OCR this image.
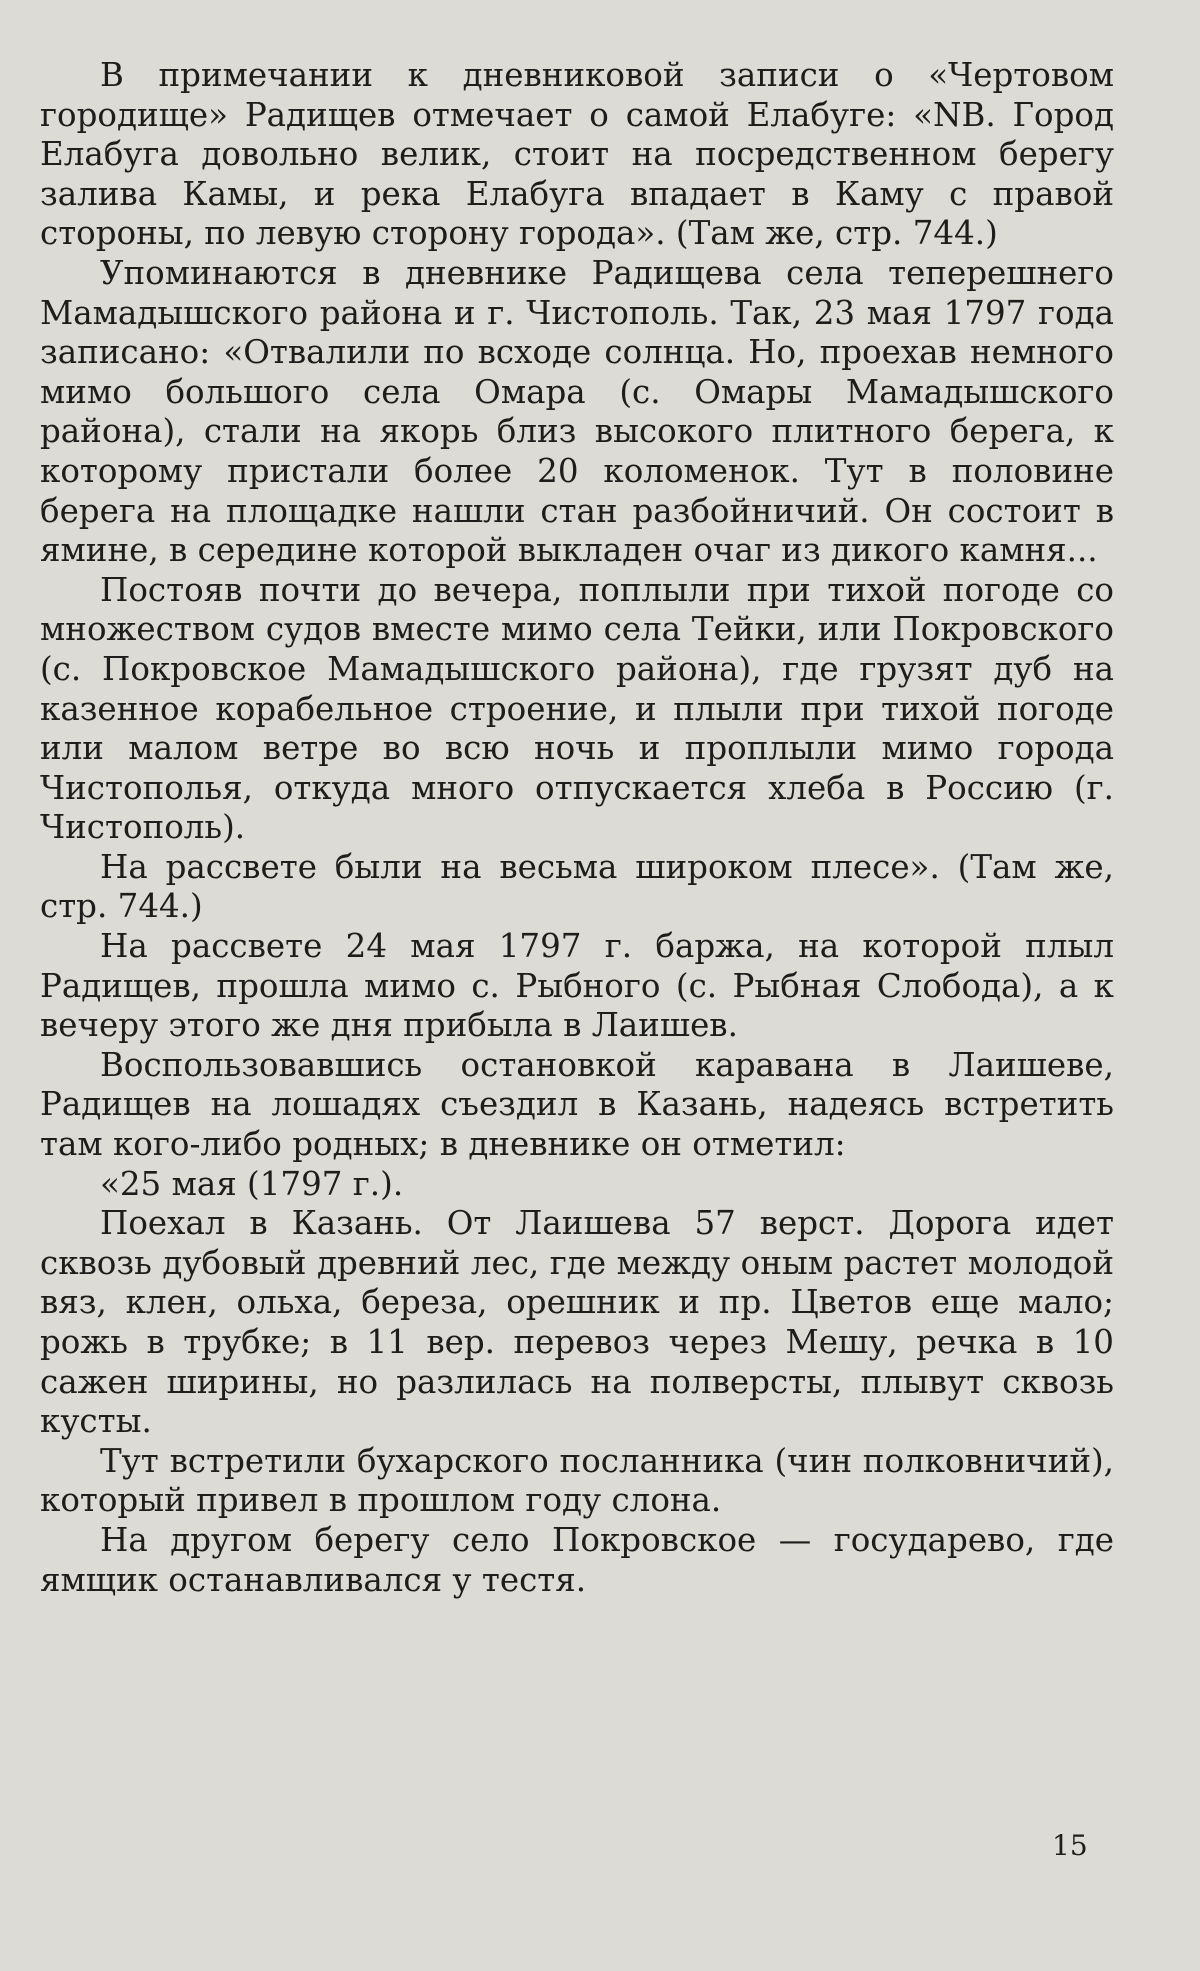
В примечании к дневниковой записи о «Чертовом городище» Радищев отмечает о самой Елабуге: «NB. Город Елабуга довольно велик, стоит на посредственном берегу залива Камы, и река Елабуга впадает в Каму с правой стороны, по левую сторону города». (Там же, стр. 744.)

Упоминаются в дневнике Радищева села теперешнего Мамадышского района и г. Чистополь. Так, 23 мая 1797 года записано: «Отвалили по всходе солнца. Но, проехав немного мимо большого села Омара (с. Омары Мамадышского района), стали на якорь близ высокого плитного берега, к которому пристали более 20 коломенок. Тут в половине берега на площадке нашли стан разбойничий. Он состоит в ямине, в середине которой выкладен очаг из дикого камня...

Постояв почти до вечера, поплыли при тихой погоде со множеством судов вместе мимо села Тейки, или Покровского (с. Покровское Мамадышского района), где грузят дуб на казенное корабельное строение, и плыли при тихой погоде или малом ветре во всю ночь и проплыли мимо города Чистополья, откуда много отпускается хлеба в Россию (г. Чистополь).

На рассвете были на весьма широком плесе». (Там же, стр. 744.)

На рассвете 24 мая 1797 г. баржа, на которой плыл Радищев, прошла мимо с. Рыбного (с. Рыбная Слобода), а к вечеру этого же дня прибыла в Лаишев.

Воспользовавшись остановкой каравана в Лаишеве, Радищев на лошадях съездил в Казань, надеясь встретить там кого-либо родных; в дневнике он отметил:

«25 мая (1797 г.).

Поехал в Казань. От Лаишева 57 верст. Дорога идет сквозь дубовый древний лес, где между оным растет молодой вяз, клен, ольха, береза, орешник и пр. Цветов еще мало; рожь в трубке; в 11 вер. перевоз через Мешу, речка в 10 сажен ширины, но разлилась на полверсты, плывут сквозь кусты.

Тут встретили бухарского посланника (чин полковничий), который привел в прошлом году слона.

На другом берегу село Покровское — государево, где ямщик останавливался у тестя.

15
